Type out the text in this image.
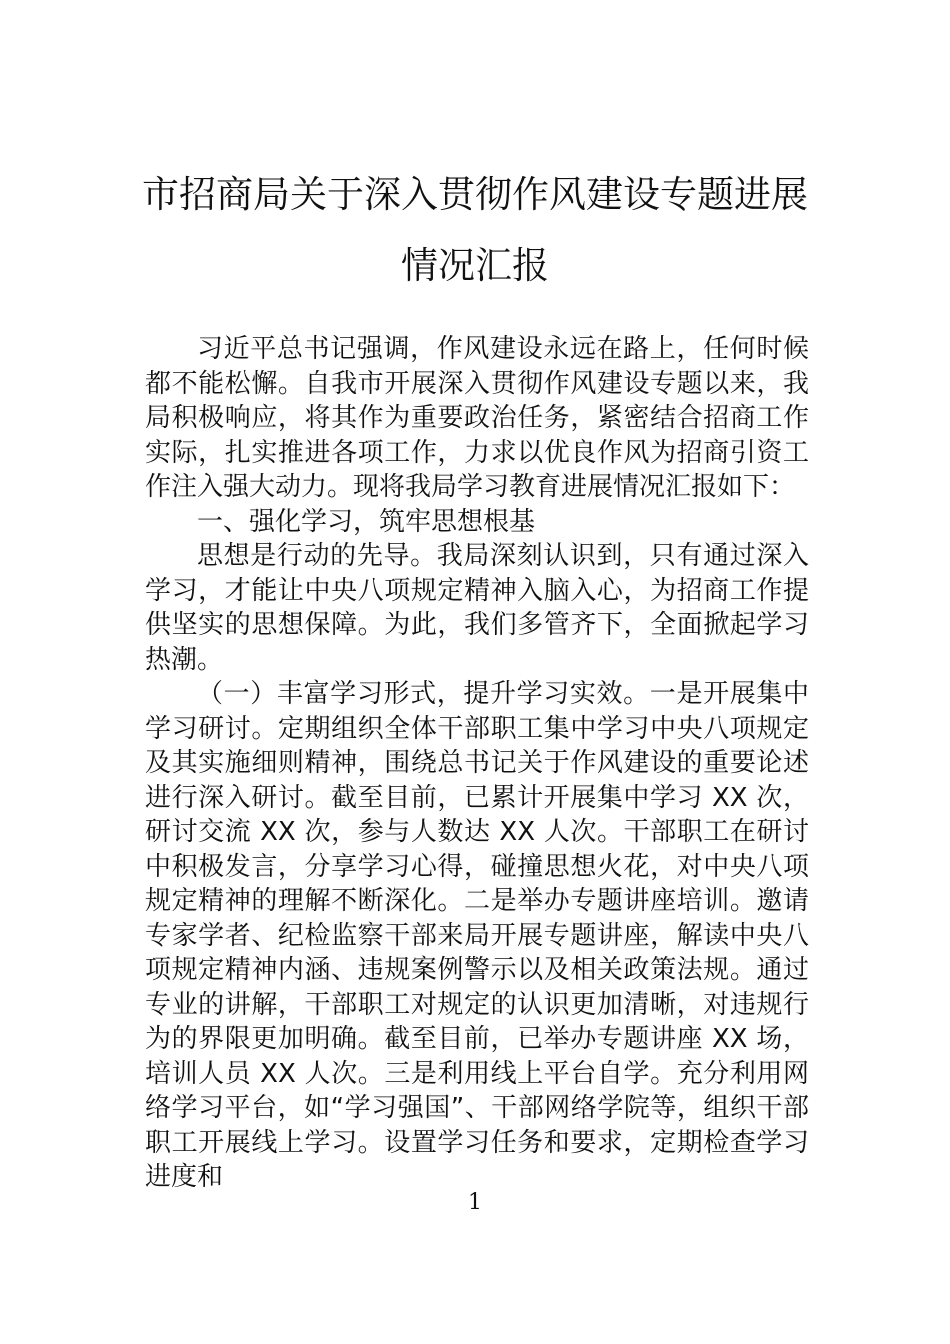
市招商局关于深入贯彻作风建设专题进展
情况汇报

习近平总书记强调，作风建设永远在路上，任何时候都不能松懈。自我市开展深入贯彻作风建设专题以来，我局积极响应，将其作为重要政治任务，紧密结合招商工作实际，扎实推进各项工作，力求以优良作风为招商引资工作注入强大动力。现将我局学习教育进展情况汇报如下：

一、强化学习，筑牢思想根基

思想是行动的先导。我局深刻认识到，只有通过深入学习，才能让中央八项规定精神入脑入心，为招商工作提供坚实的思想保障。为此，我们多管齐下，全面掀起学习热潮。

（一）丰富学习形式，提升学习实效。一是开展集中学习研讨。定期组织全体干部职工集中学习中央八项规定及其实施细则精神，围绕总书记关于作风建设的重要论述进行深入研讨。截至目前，已累计开展集中学习 XX 次，研讨交流 XX 次，参与人数达 XX 人次。干部职工在研讨中积极发言，分享学习心得，碰撞思想火花，对中央八项规定精神的理解不断深化。二是举办专题讲座培训。邀请专家学者、纪检监察干部来局开展专题讲座，解读中央八项规定精神内涵、违规案例警示以及相关政策法规。通过专业的讲解，干部职工对规定的认识更加清晰，对违规行为的界限更加明确。截至目前，已举办专题讲座 XX 场，培训人员 XX 人次。三是利用线上平台自学。充分利用网络学习平台，如“学习强国”、干部网络学院等，组织干部职工开展线上学习。设置学习任务和要求，定期检查学习进度和

1
